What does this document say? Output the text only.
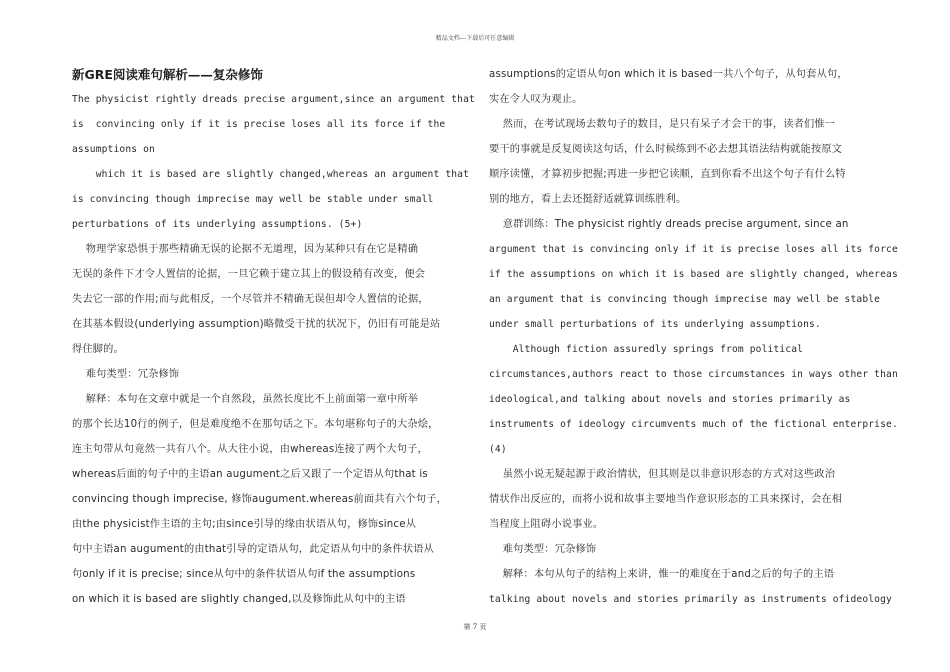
精品文档---下载后可任意编辑
新GRE阅读难句解析——复杂修饰
The physicist rightly dreads precise argument,since an argument that
is  convincing only if it is precise loses all its force if the
assumptions on
which it is based are slightly changed,whereas an argument that
is convincing though imprecise may well be stable under small
perturbations of its underlying assumptions. (5+)
物理学家恐惧于那些精确无误的论据不无道理，因为某种只有在它是精确
无误的条件下才令人置信的论据，一旦它赖于建立其上的假设稍有改变，便会
失去它一部的作用;而与此相反，一个尽管并不精确无误但却令人置信的论据，
在其基本假设(underlying assumption)略微受干扰的状况下，仍旧有可能是站
得住脚的。
难句类型：冗杂修饰
解释：本句在文章中就是一个自然段，虽然长度比不上前面第一章中所举
的那个长达10行的例子，但是难度绝不在那句话之下。本句堪称句子的大杂烩，
连主句带从句竟然一共有八个。从大往小说，由whereas连接了两个大句子，
whereas后面的句子中的主语an augument之后又跟了一个定语从句that is
convincing though imprecise, 修饰augument.whereas前面共有六个句子，
由the physicist作主语的主句;由since引导的缘由状语从句，修饰since从
句中主语an augument的由that引导的定语从句，此定语从句中的条件状语从
句only if it is precise; since从句中的条件状语从句if the assumptions
on which it is based are slightly changed,以及修饰此从句中的主语
assumptions的定语从句on which it is based一共八个句子，从句套从句，
实在令人叹为观止。
然而，在考试现场去数句子的数目，是只有呆子才会干的事，读者们惟一
要干的事就是反复阅读这句话，什么时候练到不必去想其语法结构就能按原文
顺序读懂，才算初步把握;再进一步把它读顺，直到你看不出这个句子有什么特
别的地方，看上去还挺舒适就算训练胜利。
意群训练：The physicist rightly dreads precise argument, since an
argument that is convincing only if it is precise loses all its force
if the assumptions on which it is based are slightly changed, whereas
an argument that is convincing though imprecise may well be stable
under small perturbations of its underlying assumptions.
Although fiction assuredly springs from political
circumstances,authors react to those circumstances in ways other than
ideological,and talking about novels and stories primarily as
instruments of ideology circumvents much of the fictional enterprise.
(4)
虽然小说无疑起源于政治情状，但其则是以非意识形态的方式对这些政治
情状作出反应的，而将小说和故事主要地当作意识形态的工具来探讨，会在相
当程度上阻碍小说事业。
难句类型：冗杂修饰
解释：本句从句子的结构上来讲，惟一的难度在于and之后的句子的主语
talking about novels and stories primarily as instruments ofideology
第 7 页
